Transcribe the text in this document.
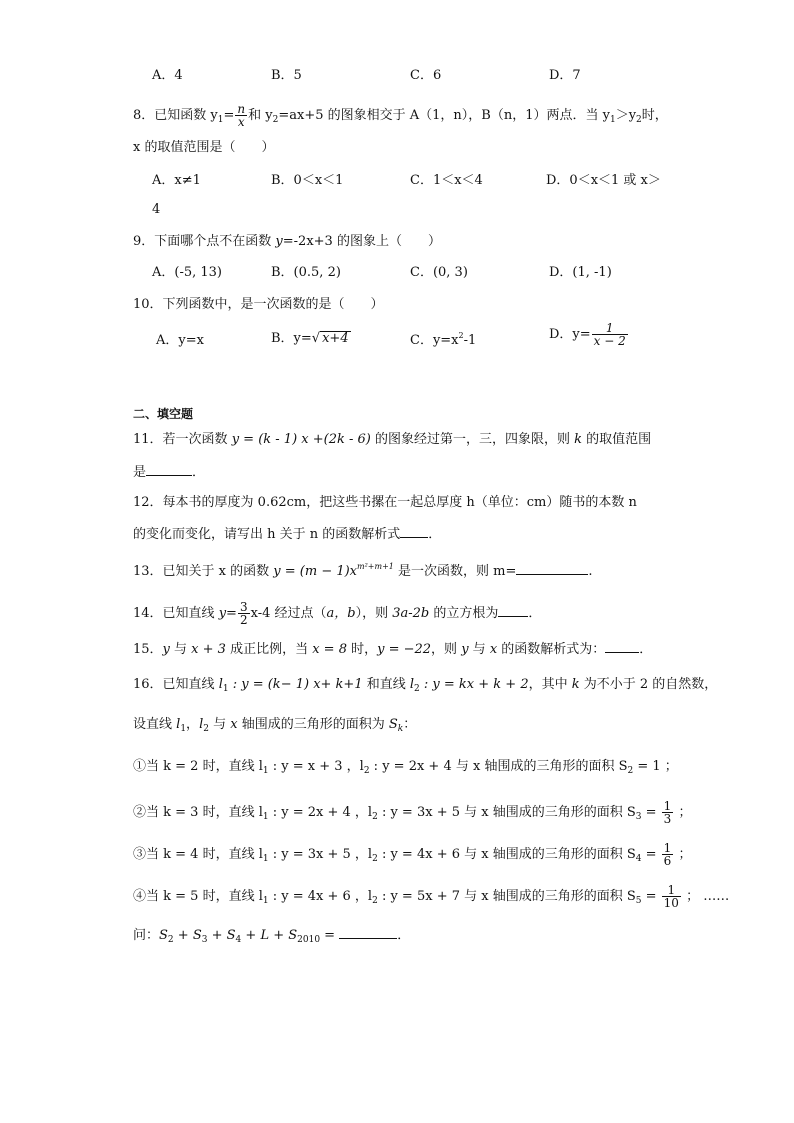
A．4	B．5	C．6	D．7
8．已知函数 $y_1= \frac{n}{x}$ 和 $y_2=ax+5$ 的图象相交于 A（1，n），B（n，1）两点．当 $y_1>y_2$时，
x 的取值范围是（　　）
A．x≠1	B．0＜x＜1	C．1＜x＜4	D．0＜x＜1 或 x＞
4
9．下面哪个点不在函数 y=-2x+3 的图象上（　　）
A．(-5, 13)	B．(0.5, 2)	C．(0, 3)	D．(1, -1)
10．下列函数中，是一次函数的是（　　）
A．y=x	B．y=√ x+4	C．$y=x^2-1$	D．$y= \frac{1}{x - 2}$
二、填空题
11．若一次函数 y = (k - 1) x +(2k - 6) 的图象经过第一，三，四象限，则 k 的取值范围
是	．
12．每本书的厚度为 0.62cm，把这些书摞在一起总厚度 h（单位：cm）随书的本数 n
的变化而变化，请写出 h 关于 n 的函数解析式 ．
13．已知关于 x 的函数 $y = (m - 1)x^{m^2+m+1}$ 是一次函数，则 m=	.
14．已知直线 $y= \frac{3}{2} x-4$ 经过点（a，b），则 3a-2b 的立方根为 ．
15．y 与 x + 3 成正比例，当 x = 8 时，y = −22，则 y 与 x 的函数解析式为：	．
16．已知直线 $l_1$ : y = (k− 1) x+ k+1 和直线 $l_2$ : y = kx + k + 2，其中 k 为不小于 2 的自然数，
设直线 $l_1$，$l_2$ 与 x 轴围成的三角形的面积为 $S_k$：
①当 k = 2 时，直线 $l_1$ : y = x + 3 ，$l_2$ : y = 2x + 4 与 x 轴围成的三角形的面积 $S_2 = 1$ ；
②当 k = 3 时，直线 $l_1$ : y = 2x + 4 ，$l_2$ : y = 3x + 5 与 x 轴围成的三角形的面积 $S_3 = \frac{1}{3}$ ；
③当 k = 4 时，直线 $l_1$ : y = 3x + 5 ，$l_2$ : y = 4x + 6 与 x 轴围成的三角形的面积 $S_4 = \frac{1}{6}$ ；
④当 k = 5 时，直线 $l_1$ : y = 4x + 6 ，$l_2$ : y = 5x + 7 与 x 轴围成的三角形的面积 $S_5 = \frac{1}{10}$ ； ……
问：$S_2 + S_3 + S_4 + L + S_{2010}$ =	．
